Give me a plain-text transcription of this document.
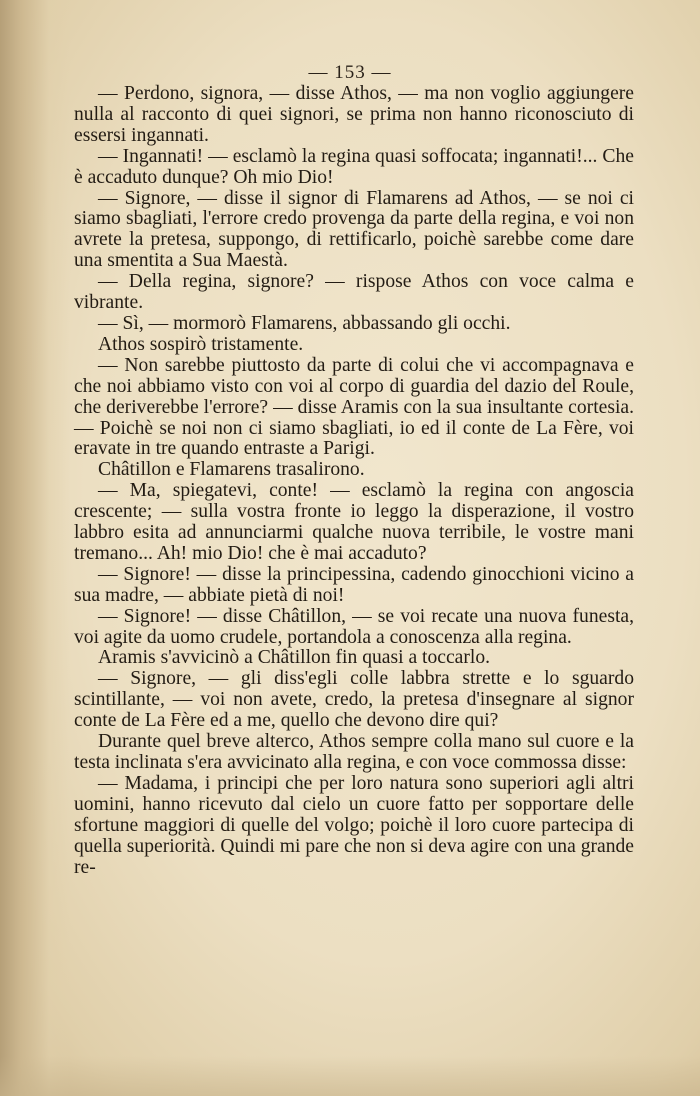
— 153 —

— Perdono, signora, — disse Athos, — ma non voglio aggiungere nulla al racconto di quei signori, se prima non hanno riconosciuto di essersi ingannati.

— Ingannati! — esclamò la regina quasi soffocata; ingannati!... Che è accaduto dunque? Oh mio Dio!

— Signore, — disse il signor di Flamarens ad Athos, — se noi ci siamo sbagliati, l'errore credo provenga da parte della regina, e voi non avrete la pretesa, suppongo, di rettificarlo, poichè sarebbe come dare una smentita a Sua Maestà.

— Della regina, signore? — rispose Athos con voce calma e vibrante.

— Sì, — mormorò Flamarens, abbassando gli occhi.

Athos sospirò tristamente.

— Non sarebbe piuttosto da parte di colui che vi accompagnava e che noi abbiamo visto con voi al corpo di guardia del dazio del Roule, che deriverebbe l'errore? — disse Aramis con la sua insultante cortesia. — Poichè se noi non ci siamo sbagliati, io ed il conte de La Fère, voi eravate in tre quando entraste a Parigi.

Châtillon e Flamarens trasalirono.

— Ma, spiegatevi, conte! — esclamò la regina con angoscia crescente; — sulla vostra fronte io leggo la disperazione, il vostro labbro esita ad annunciarmi qualche nuova terribile, le vostre mani tremano... Ah! mio Dio! che è mai accaduto?

— Signore! — disse la principessina, cadendo ginocchioni vicino a sua madre, — abbiate pietà di noi!

— Signore! — disse Châtillon, — se voi recate una nuova funesta, voi agite da uomo crudele, portandola a conoscenza alla regina.

Aramis s'avvicinò a Châtillon fin quasi a toccarlo.

— Signore, — gli diss'egli colle labbra strette e lo sguardo scintillante, — voi non avete, credo, la pretesa d'insegnare al signor conte de La Fère ed a me, quello che devono dire qui?

Durante quel breve alterco, Athos sempre colla mano sul cuore e la testa inclinata s'era avvicinato alla regina, e con voce commossa disse:

— Madama, i principi che per loro natura sono superiori agli altri uomini, hanno ricevuto dal cielo un cuore fatto per sopportare delle sfortune maggiori di quelle del volgo; poichè il loro cuore partecipa di quella superiorità. Quindi mi pare che non si deva agire con una grande re-
